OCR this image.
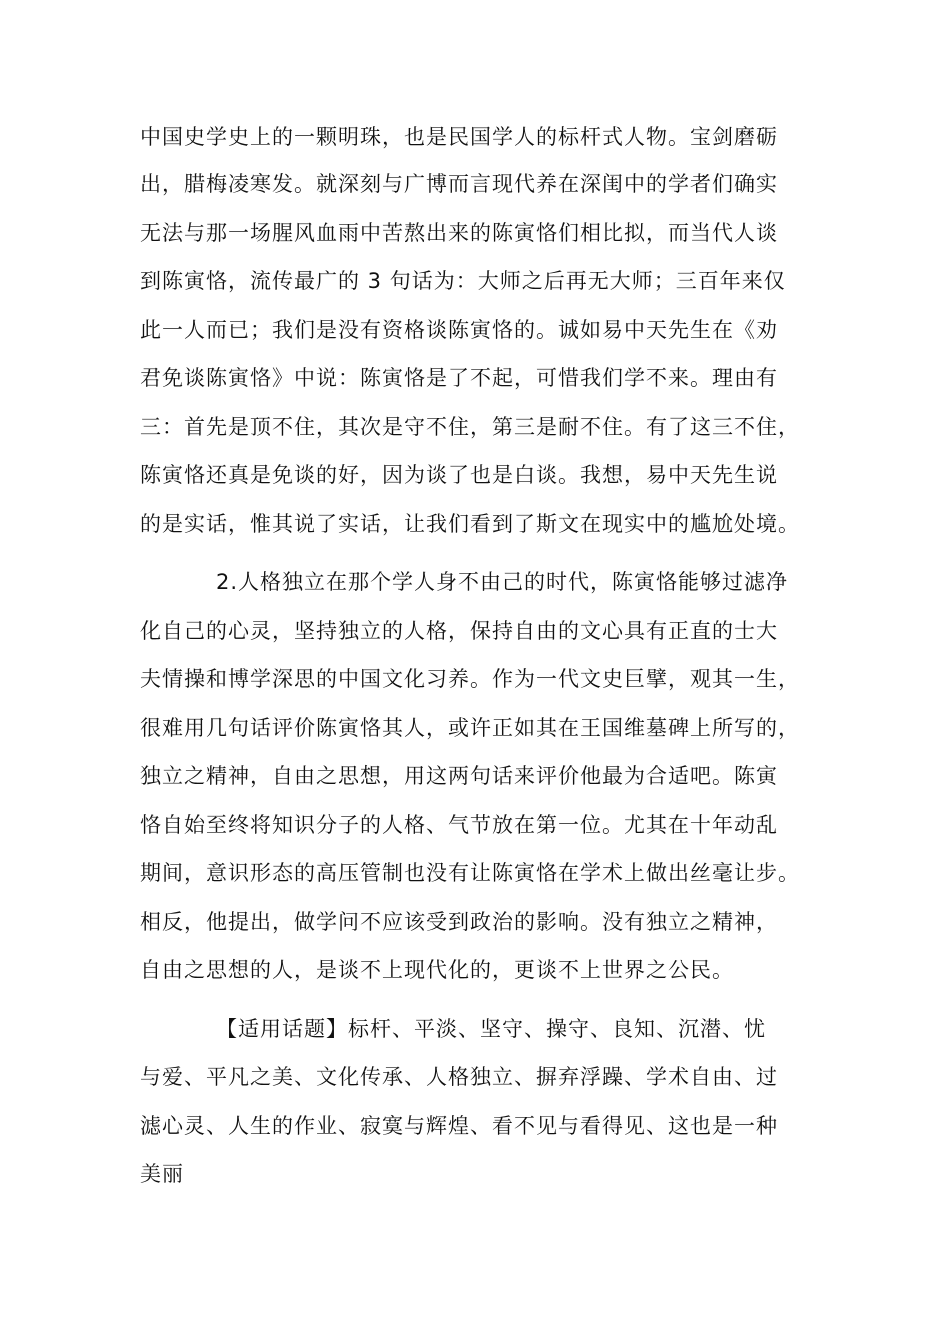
中国史学史上的一颗明珠，也是民国学人的标杆式人物。宝剑磨砺
出，腊梅凌寒发。就深刻与广博而言现代养在深闺中的学者们确实
无法与那一场腥风血雨中苦熬出来的陈寅恪们相比拟，而当代人谈
到陈寅恪，流传最广的 3 句话为：大师之后再无大师；三百年来仅
此一人而已；我们是没有资格谈陈寅恪的。诚如易中天先生在《劝
君免谈陈寅恪》中说：陈寅恪是了不起，可惜我们学不来。理由有
三：首先是顶不住，其次是守不住，第三是耐不住。有了这三不住，
陈寅恪还真是免谈的好，因为谈了也是白谈。我想，易中天先生说
的是实话，惟其说了实话，让我们看到了斯文在现实中的尴尬处境。
2.人格独立在那个学人身不由己的时代，陈寅恪能够过滤净
化自己的心灵，坚持独立的人格，保持自由的文心具有正直的士大
夫情操和博学深思的中国文化习养。作为一代文史巨擘，观其一生，
很难用几句话评价陈寅恪其人，或许正如其在王国维墓碑上所写的，
独立之精神，自由之思想，用这两句话来评价他最为合适吧。陈寅
恪自始至终将知识分子的人格、气节放在第一位。尤其在十年动乱
期间，意识形态的高压管制也没有让陈寅恪在学术上做出丝毫让步。
相反，他提出，做学问不应该受到政治的影响。没有独立之精神，
自由之思想的人，是谈不上现代化的，更谈不上世界之公民。
【适用话题】标杆、平淡、坚守、操守、良知、沉潜、忧
与爱、平凡之美、文化传承、人格独立、摒弃浮躁、学术自由、过
滤心灵、人生的作业、寂寞与辉煌、看不见与看得见、这也是一种
美丽
